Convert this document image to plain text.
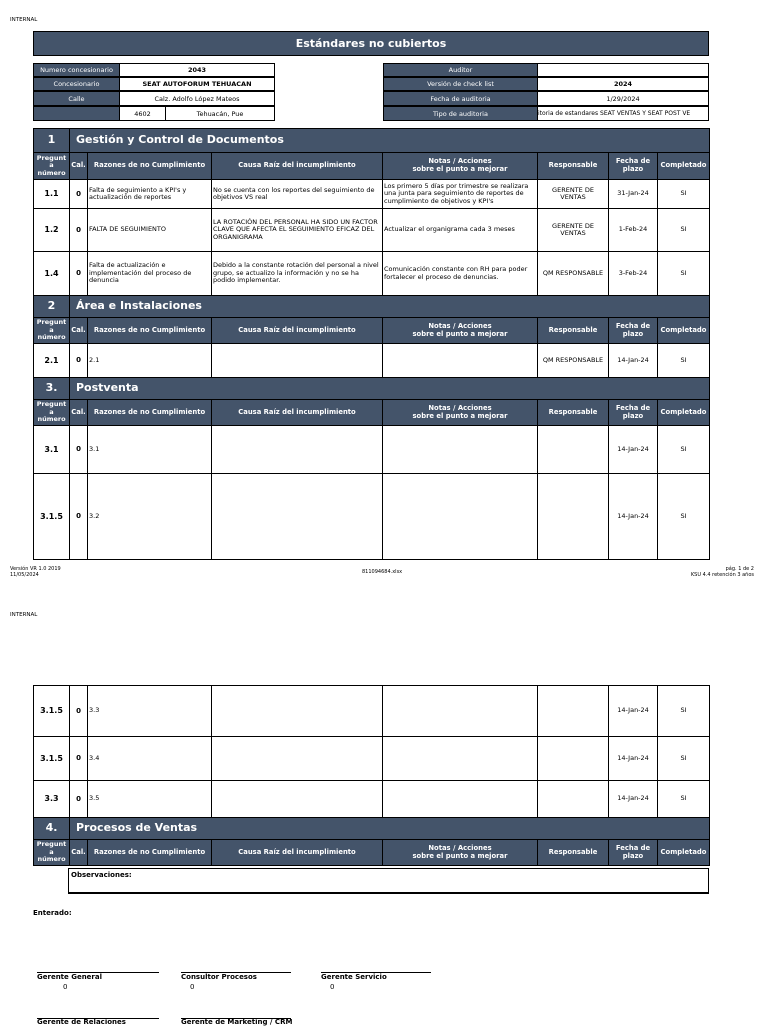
INTERNAL
Estándares no cubiertos
Numero concesionario	2043
Concesionario	SEAT AUTOFORUM TEHUACAN
Calle	Calz. Adolfo López Mateos
4602	Tehuacán, Pue
Auditor
Versión de check list	2024
Fecha de auditoria	1/29/2024
Tipo de auditoria	itoria de estandares SEAT VENTAS Y SEAT POST VE
1	Gestión y Control de Documentos						
Pregunt a número	Cal.	Razones de no Cumplimiento	Causa Raíz del incumplimiento	Notas / Acciones
sobre el punto a mejorar	Responsable	Fecha de plazo	Completado
1.1	0	Falta de seguimiento a KPI's y actualización de reportes	No se cuenta con los reportes del seguimiento de objetivos VS real	Los primero 5 días por trimestre se realizara una junta para seguimiento de reportes de cumplimiento de objetivos y KPI's	GERENTE DE VENTAS	31-Jan-24	SI
1.2	0	FALTA DE SEGUIMIENTO	LA ROTACIÓN DEL PERSONAL HA SIDO UN FACTOR CLAVE QUE AFECTA EL SEGUIMIENTO EFICAZ DEL ORGANIGRAMA	Actualizar el organigrama cada 3 meses	GERENTE DE VENTAS	1-Feb-24	SI
1.4	0	Falta de actualización e implementación del proceso de denuncia	Debido a la constante rotación del personal a nivel grupo, se actualizo la información y no se ha podido implementar.	Comunicación constante con RH para poder fortalecer el proceso de denuncias.	QM RESPONSABLE	3-Feb-24	SI
2	Área e Instalaciones						
Pregunt a número	Cal.	Razones de no Cumplimiento	Causa Raíz del incumplimiento	Notas / Acciones
sobre el punto a mejorar	Responsable	Fecha de plazo	Completado
2.1	0	2.1			QM RESPONSABLE	14-Jan-24	SI
3.	Postventa						
Pregunt a número	Cal.	Razones de no Cumplimiento	Causa Raíz del incumplimiento	Notas / Acciones
sobre el punto a mejorar	Responsable	Fecha de plazo	Completado
3.1	0	3.1				14-Jan-24	SI
3.1.5	0	3.2				14-Jan-24	SI
Versión VR 1.0 2019
11/05/2024	811094684.xlsx	pág. 1 de 2
KSU 4.4 retención 3 años
INTERNAL
3.1.5	0	3.3				14-Jan-24	SI
3.1.5	0	3.4				14-Jan-24	SI
3.3	0	3.5				14-Jan-24	SI
4.	Procesos de Ventas						
Pregunt a número	Cal.	Razones de no Cumplimiento	Causa Raíz del incumplimiento	Notas / Acciones
sobre el punto a mejorar	Responsable	Fecha de plazo	Completado
Observaciones:
Enterado:
Gerente General
0
Consultor Procesos
0
Gerente Servicio
0
Gerente de Relaciones	Gerente de Marketing / CRM
